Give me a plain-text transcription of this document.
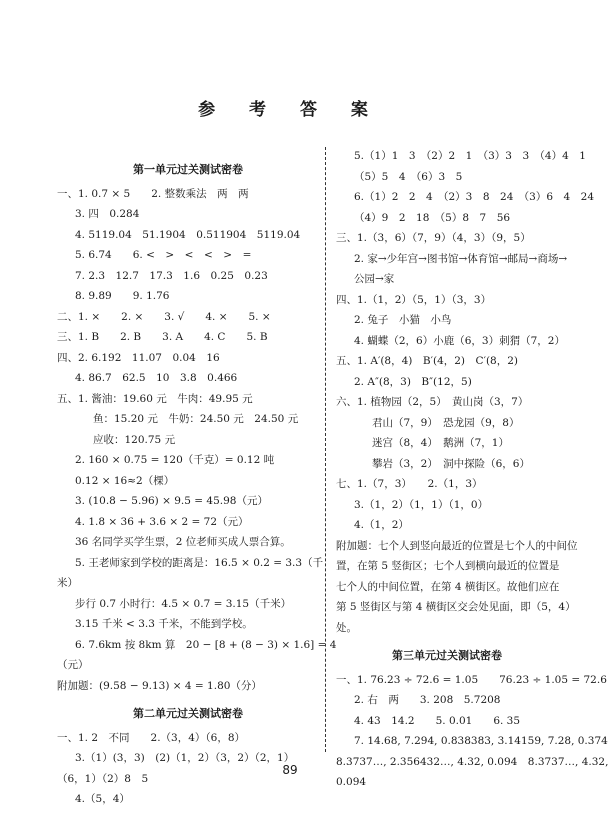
参 考 答 案
第一单元过关测试密卷
一、1. 0.7 × 5　　2. 整数乘法　两　两
3. 四　0.284
4. 5119.04　51.1904　0.511904　5119.04
5. 6.74　　6. <　>　<　<　>　=
7. 2.3　12.7　17.3　1.6　0.25　0.23
8. 9.89　　9. 1.76
二、1. ×　　2. ×　　3. √　　4. ×　　5. ×
三、1. B　　2. B　　3. A　　4. C　　5. B
四、2. 6.192　11.07　0.04　16
4. 86.7　62.5　10　3.8　0.466
五、1. 酱油：19.60 元　牛肉：49.95 元
鱼：15.20 元　牛奶：24.50 元　24.50 元
应收：120.75 元
2. 160 × 0.75 = 120（千克）= 0.12 吨
0.12 × 16≈2（棵）
3. (10.8 − 5.96) × 9.5 = 45.98（元）
4. 1.8 × 36 + 3.6 × 2 = 72（元）
36 名同学买学生票，2 位老师买成人票合算。
5. 王老师家到学校的距离是：16.5 × 0.2 = 3.3（千
米）
步行 0.7 小时行：4.5 × 0.7 = 3.15（千米）
3.15 千米 < 3.3 千米，不能到学校。
6. 7.6km 按 8km 算　20 − [8 + (8 − 3) × 1.6] = 4
（元）
附加题：(9.58 − 9.13) × 4 = 1.80（分）
第二单元过关测试密卷
一、1. 2　不同　　2.（3，4）（6，8）
3.（1）(3，3)　(2)（1，2）（3，2）（2，1）
（6，1）（2）8　5
4.（5，4）
5.（1）1　3　（2）2　1　（3）3　3　（4）4　1
（5）5　4　（6）3　5
6.（1）2　2　4　（2）3　8　24　（3）6　4　24
（4）9　2　18　（5）8　7　56
三、1.（3，6）（7，9）（4，3）（9，5）
2. 家→少年宫→图书馆→体育馆→邮局→商场→
公园→家
四、1.（1，2）（5，1）（3，3）
2. 兔子　小猫　小鸟
4. 蝴蝶（2，6）小鹿（6，3）刺猬（7，2）
五、1. A′(8，4)　B′(4，2)　C′(8，2)
2. A″(8，3)　B″(12，5)
六、1. 植物园（2，5）　黄山岗（3，7）
君山（7，9）　恐龙园（9，8）
迷宫（8，4）　鹅洲（7，1）
攀岩（3，2）　洞中探险（6，6）
七、1.（7，3）　　2.（1，3）
3.（1，2）（1，1）（1，0）
4.（1，2）
附加题：七个人到竖向最近的位置是七个人的中间位
置，在第 5 竖街区；七个人到横向最近的位置是
七个人的中间位置，在第 4 横街区。故他们应在
第 5 竖街区与第 4 横街区交会处见面，即（5，4）
处。
第三单元过关测试密卷
一、1. 76.23 ÷ 72.6 = 1.05　　76.23 ÷ 1.05 = 72.6
2. 右　两　　3. 208　5.7208
4. 43　14.2　　5. 0.01　　6. 35
7. 14.68, 7.294, 0.838383, 3.14159, 7.28, 0.374
8.3737…, 2.356432…, 4.32, 0.094　8.3737…, 4.32,
0.094
89
